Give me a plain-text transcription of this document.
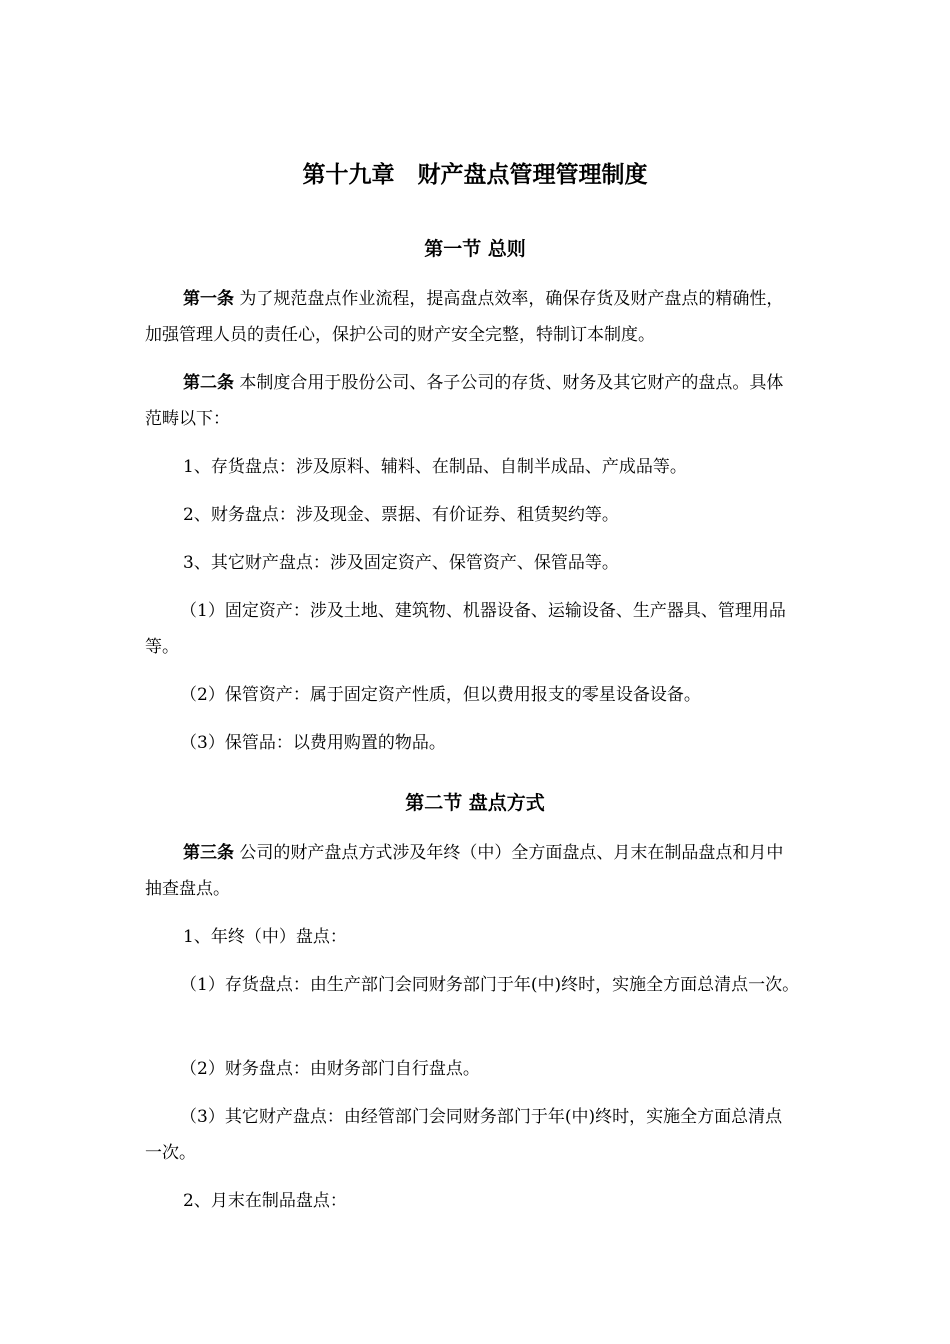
第十九章　财产盘点管理管理制度
第一节 总则
第一条 为了规范盘点作业流程，提高盘点效率，确保存货及财产盘点的精确性，
加强管理人员的责任心，保护公司的财产安全完整，特制订本制度。
第二条 本制度合用于股份公司、各子公司的存货、财务及其它财产的盘点。具体
范畴以下：
1、存货盘点：涉及原料、辅料、在制品、自制半成品、产成品等。
2、财务盘点：涉及现金、票据、有价证券、租赁契约等。
3、其它财产盘点：涉及固定资产、保管资产、保管品等。
（1）固定资产：涉及土地、建筑物、机器设备、运输设备、生产器具、管理用品
等。
（2）保管资产：属于固定资产性质，但以费用报支的零星设备设备。
（3）保管品：以费用购置的物品。
第二节 盘点方式
第三条 公司的财产盘点方式涉及年终（中）全方面盘点、月末在制品盘点和月中
抽查盘点。
1、年终（中）盘点：
（1）存货盘点：由生产部门会同财务部门于年(中)终时，实施全方面总清点一次。
（2）财务盘点：由财务部门自行盘点。
（3）其它财产盘点：由经管部门会同财务部门于年(中)终时，实施全方面总清点
一次。
2、月末在制品盘点：
